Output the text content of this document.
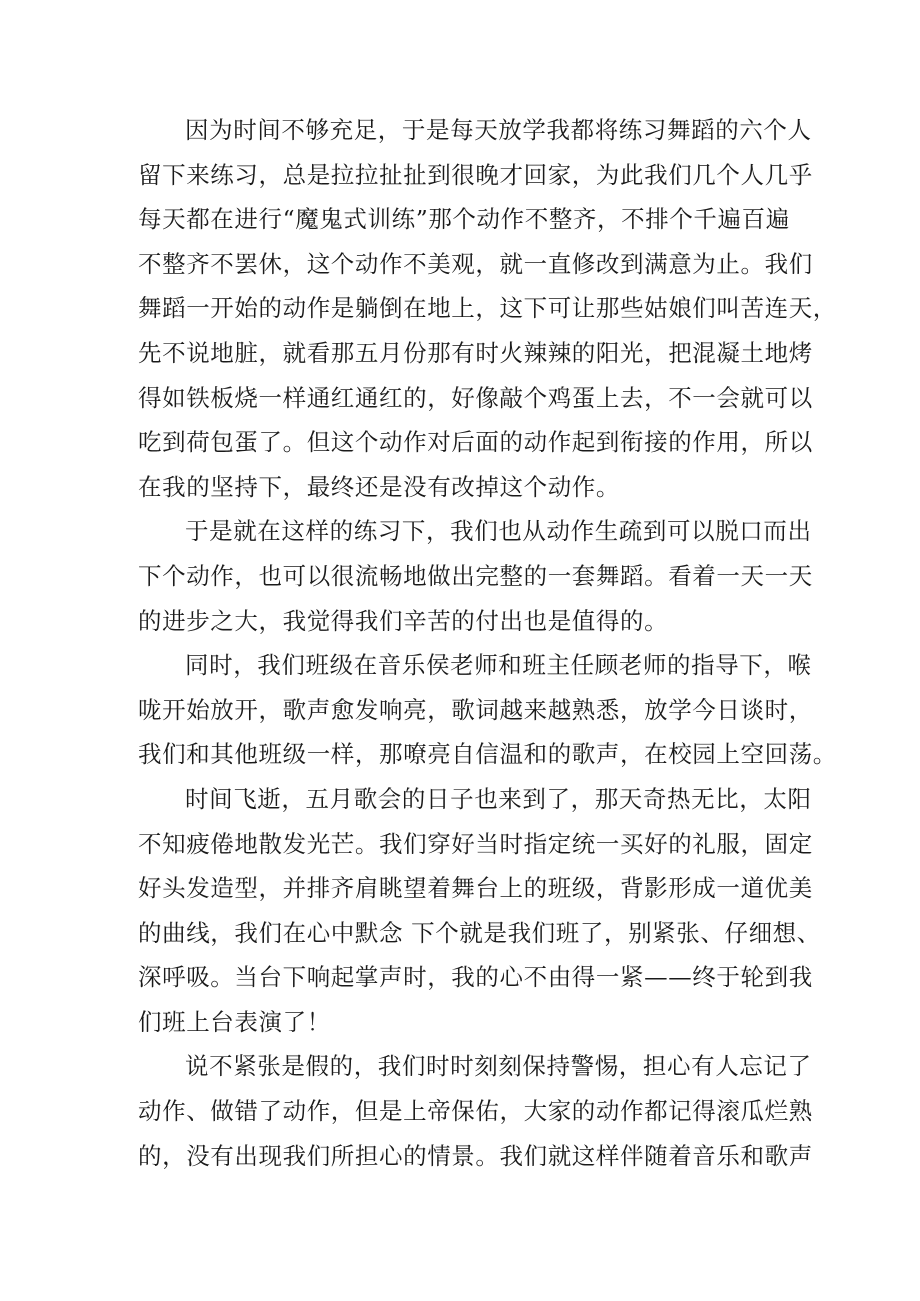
因为时间不够充足，于是每天放学我都将练习舞蹈的六个人
留下来练习，总是拉拉扯扯到很晚才回家，为此我们几个人几乎
每天都在进行“魔鬼式训练”那个动作不整齐，不排个千遍百遍
不整齐不罢休，这个动作不美观，就一直修改到满意为止。我们
舞蹈一开始的动作是躺倒在地上，这下可让那些姑娘们叫苦连天，
先不说地脏，就看那五月份那有时火辣辣的阳光，把混凝土地烤
得如铁板烧一样通红通红的，好像敲个鸡蛋上去，不一会就可以
吃到荷包蛋了。但这个动作对后面的动作起到衔接的作用，所以
在我的坚持下，最终还是没有改掉这个动作。
于是就在这样的练习下，我们也从动作生疏到可以脱口而出
下个动作，也可以很流畅地做出完整的一套舞蹈。看着一天一天
的进步之大，我觉得我们辛苦的付出也是值得的。
同时，我们班级在音乐侯老师和班主任顾老师的指导下，喉
咙开始放开，歌声愈发响亮，歌词越来越熟悉，放学今日谈时，
我们和其他班级一样，那嘹亮自信温和的歌声，在校园上空回荡。
时间飞逝，五月歌会的日子也来到了，那天奇热无比，太阳
不知疲倦地散发光芒。我们穿好当时指定统一买好的礼服，固定
好头发造型，并排齐肩眺望着舞台上的班级，背影形成一道优美
的曲线，我们在心中默念 下个就是我们班了，别紧张、仔细想、
深呼吸。当台下响起掌声时，我的心不由得一紧——终于轮到我
们班上台表演了！
说不紧张是假的，我们时时刻刻保持警惕，担心有人忘记了
动作、做错了动作，但是上帝保佑，大家的动作都记得滚瓜烂熟
的，没有出现我们所担心的情景。我们就这样伴随着音乐和歌声
